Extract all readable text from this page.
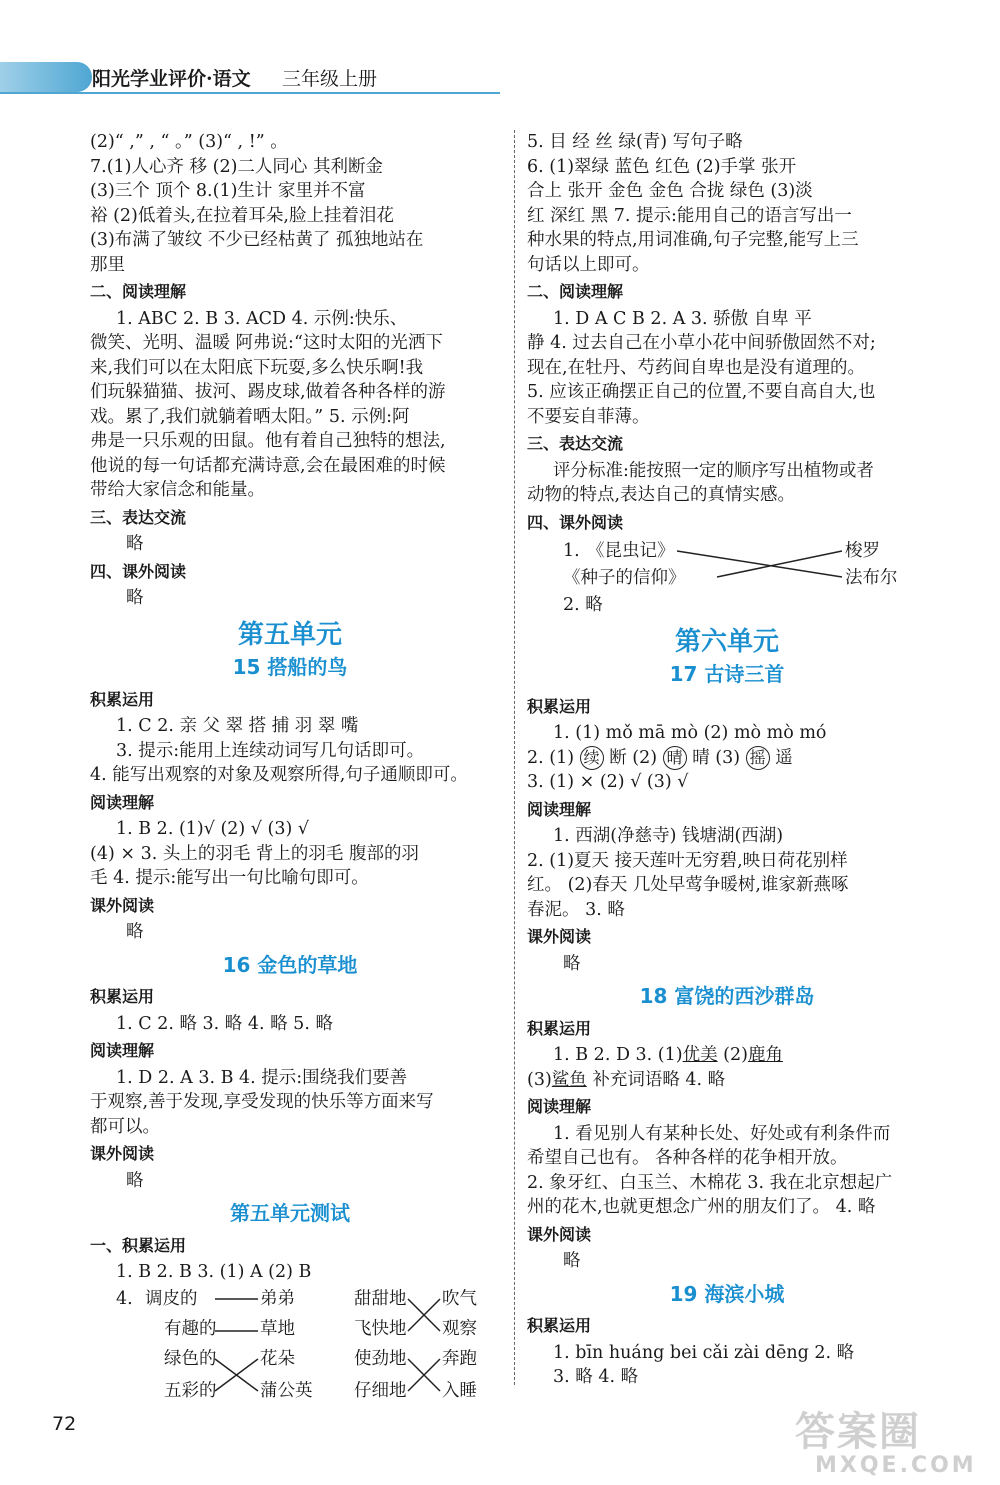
阳光学业评价·语文 三年级上册

(2)“ ,” , “ 。” (3)“ , !” 。

7.(1)人心齐 移 (2)二人同心 其利断金

(3)三个 顶个 8.(1)生计 家里并不富

裕 (2)低着头,在拉着耳朵,脸上挂着泪花

(3)布满了皱纹 不少已经枯黄了 孤独地站在

那里

二、阅读理解

1. ABC 2. B 3. ACD 4. 示例:快乐、

微笑、光明、温暖 阿弗说:“这时太阳的光洒下

来,我们可以在太阳底下玩耍,多么快乐啊!我

们玩躲猫猫、拔河、踢皮球,做着各种各样的游

戏。累了,我们就躺着晒太阳。” 5. 示例:阿

弗是一只乐观的田鼠。他有着自己独特的想法,

他说的每一句话都充满诗意,会在最困难的时候

带给大家信念和能量。

三、表达交流

略

四、课外阅读

略

第五单元
15 搭船的鸟

积累运用

1. C 2. 亲 父 翠 搭 捕 羽 翠 嘴

3. 提示:能用上连续动词写几句话即可。

4. 能写出观察的对象及观察所得,句子通顺即可。

阅读理解

1. B 2. (1)√ (2) √ (3) √

(4) × 3. 头上的羽毛 背上的羽毛 腹部的羽

毛 4. 提示:能写出一句比喻句即可。

课外阅读

略

16 金色的草地

积累运用

1. C 2. 略 3. 略 4. 略 5. 略

阅读理解

1. D 2. A 3. B 4. 提示:围绕我们要善

于观察,善于发现,享受发现的快乐等方面来写

都可以。

课外阅读

略

第五单元测试

一、积累运用

1. B 2. B 3. (1) A (2) B

4. 调皮的
有趣的
绿色的
五彩的
弟弟
草地
花朵
蒲公英
甜甜地
飞快地
使劲地
仔细地
吹气
观察
奔跑
入睡

5. 目 经 丝 绿(青) 写句子略

6. (1)翠绿 蓝色 红色 (2)手掌 张开

合上 张开 金色 金色 合拢 绿色 (3)淡

红 深红 黑 7. 提示:能用自己的语言写出一

种水果的特点,用词准确,句子完整,能写上三

句话以上即可。

二、阅读理解

1. D A C B 2. A 3. 骄傲 自卑 平

静 4. 过去自己在小草小花中间骄傲固然不对;

现在,在牡丹、芍药间自卑也是没有道理的。

5. 应该正确摆正自己的位置,不要自高自大,也

不要妄自菲薄。

三、表达交流

评分标准:能按照一定的顺序写出植物或者

动物的特点,表达自己的真情实感。

四、课外阅读

1. 《昆虫记》
《种子的信仰》
梭罗
法布尔

2. 略

第六单元
17 古诗三首

积累运用

1. (1) mǒ mā mò (2) mò mò mó

2. (1) 续 断 (2) 晴 晴 (3) 摇 遥

3. (1) × (2) √ (3) √

阅读理解

1. 西湖(净慈寺) 钱塘湖(西湖)

2. (1)夏天 接天莲叶无穷碧,映日荷花别样

红。 (2)春天 几处早莺争暖树,谁家新燕啄

春泥。 3. 略

课外阅读

略

18 富饶的西沙群岛

积累运用

1. B 2. D 3. (1)优美 (2)鹿角

(3)鲨鱼 补充词语略 4. 略

阅读理解

1. 看见别人有某种长处、好处或有利条件而

希望自己也有。 各种各样的花争相开放。

2. 象牙红、白玉兰、木棉花 3. 我在北京想起广

州的花木,也就更想念广州的朋友们了。 4. 略

课外阅读

略

19 海滨小城

积累运用

1. bīn huáng bei cǎi zài dēng 2. 略

3. 略 4. 略

72	答案圈
MXQE.COM
